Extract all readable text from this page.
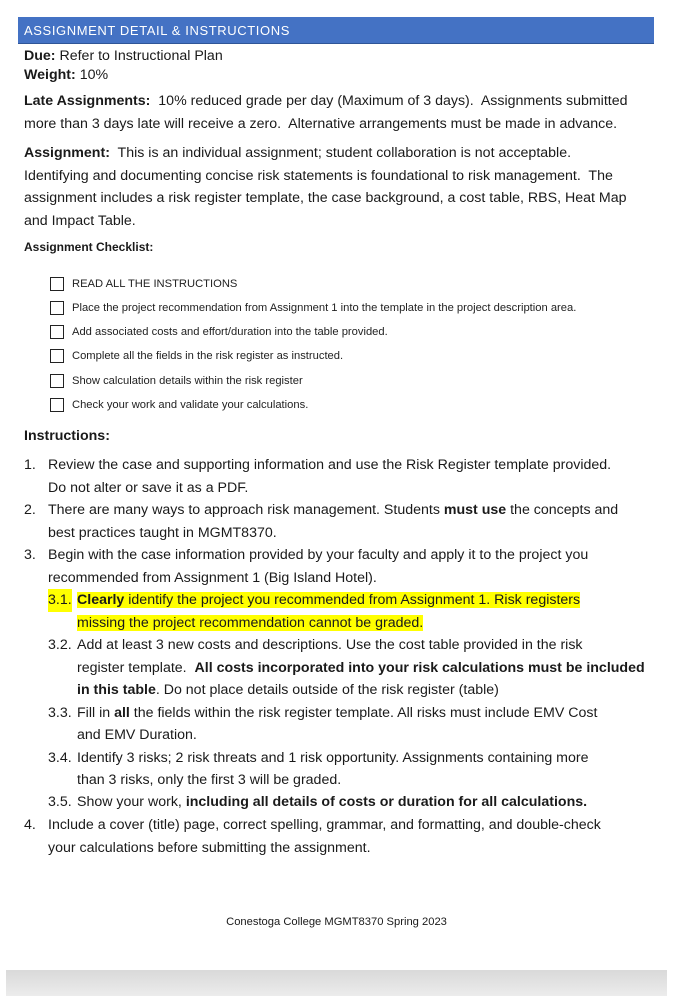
ASSIGNMENT DETAIL & INSTRUCTIONS
Due: Refer to Instructional Plan
Weight: 10%
Late Assignments:  10% reduced grade per day (Maximum of 3 days).  Assignments submitted
more than 3 days late will receive a zero.  Alternative arrangements must be made in advance.
Assignment:  This is an individual assignment; student collaboration is not acceptable.
Identifying and documenting concise risk statements is foundational to risk management.  The
assignment includes a risk register template, the case background, a cost table, RBS, Heat Map
and Impact Table.
Assignment Checklist:
READ ALL THE INSTRUCTIONS
Place the project recommendation from Assignment 1 into the template in the project description area.
Add associated costs and effort/duration into the table provided.
Complete all the fields in the risk register as instructed.
Show calculation details within the risk register
Check your work and validate your calculations.
Instructions:
1. Review the case and supporting information and use the Risk Register template provided.
Do not alter or save it as a PDF.
2. There are many ways to approach risk management. Students must use the concepts and
best practices taught in MGMT8370.
3. Begin with the case information provided by your faculty and apply it to the project you
recommended from Assignment 1 (Big Island Hotel).
3.1. Clearly identify the project you recommended from Assignment 1. Risk registers
missing the project recommendation cannot be graded.
3.2. Add at least 3 new costs and descriptions. Use the cost table provided in the risk
register template.  All costs incorporated into your risk calculations must be included
in this table. Do not place details outside of the risk register (table)
3.3. Fill in all the fields within the risk register template. All risks must include EMV Cost
and EMV Duration.
3.4. Identify 3 risks; 2 risk threats and 1 risk opportunity. Assignments containing more
than 3 risks, only the first 3 will be graded.
3.5. Show your work, including all details of costs or duration for all calculations.
4. Include a cover (title) page, correct spelling, grammar, and formatting, and double-check
your calculations before submitting the assignment.
Conestoga College MGMT8370 Spring 2023
